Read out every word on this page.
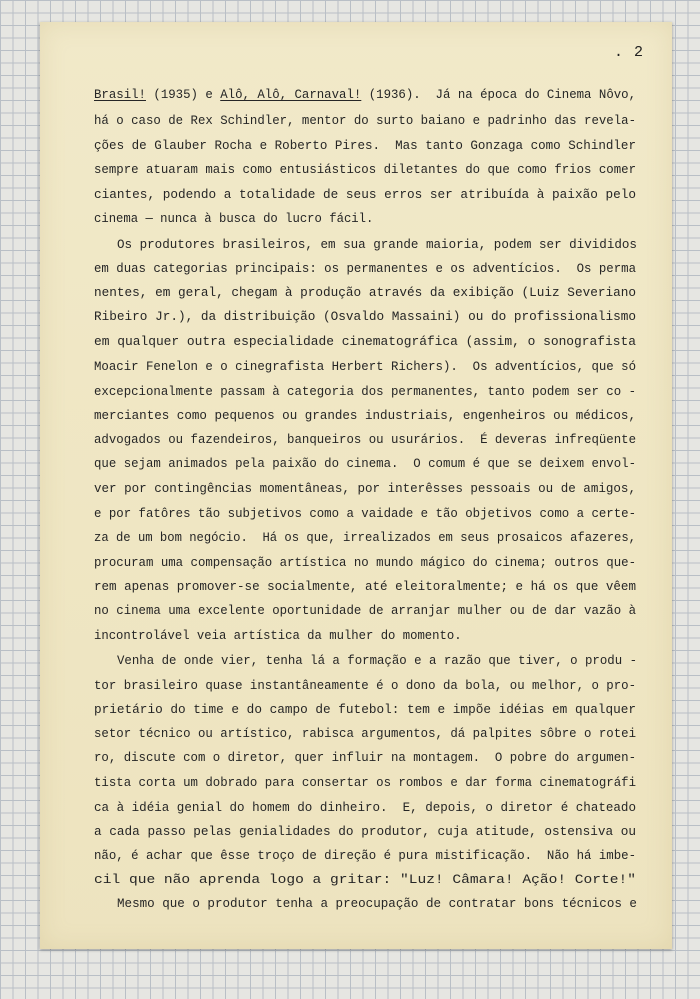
. 2
Brasil! (1935) e Alô, Alô, Carnaval! (1936).  Já na época do Cinema Nôvo,
há o caso de Rex Schindler, mentor do surto baiano e padrinho das revela-
ções de Glauber Rocha e Roberto Pires.  Mas tanto Gonzaga como Schindler
sempre atuaram mais como entusiásticos diletantes do que como frios comer
ciantes, podendo a totalidade de seus erros ser atribuída à paixão pelo
cinema — nunca à busca do lucro fácil.
Os produtores brasileiros, em sua grande maioria, podem ser divididos
em duas categorias principais: os permanentes e os adventícios.  Os perma
nentes, em geral, chegam à produção através da exibição (Luiz Severiano
Ribeiro Jr.), da distribuição (Osvaldo Massaini) ou do profissionalismo
em qualquer outra especialidade cinematográfica (assim, o sonografista
Moacir Fenelon e o cinegrafista Herbert Richers).  Os adventícios, que só
excepcionalmente passam à categoria dos permanentes, tanto podem ser co -
merciantes como pequenos ou grandes industriais, engenheiros ou médicos,
advogados ou fazendeiros, banqueiros ou usurários.  É deveras infreqüente
que sejam animados pela paixão do cinema.  O comum é que se deixem envol-
ver por contingências momentâneas, por interêsses pessoais ou de amigos,
e por fatôres tão subjetivos como a vaidade e tão objetivos como a certe-
za de um bom negócio.  Há os que, irrealizados em seus prosaicos afazeres,
procuram uma compensação artística no mundo mágico do cinema; outros que-
rem apenas promover-se socialmente, até eleitoralmente; e há os que vêem
no cinema uma excelente oportunidade de arranjar mulher ou de dar vazão à
incontrolável veia artística da mulher do momento.
Venha de onde vier, tenha lá a formação e a razão que tiver, o produ -
tor brasileiro quase instantâneamente é o dono da bola, ou melhor, o pro-
prietário do time e do campo de futebol: tem e impõe idéias em qualquer
setor técnico ou artístico, rabisca argumentos, dá palpites sôbre o rotei
ro, discute com o diretor, quer influir na montagem.  O pobre do argumen-
tista corta um dobrado para consertar os rombos e dar forma cinematográfi
ca à idéia genial do homem do dinheiro.  E, depois, o diretor é chateado
a cada passo pelas genialidades do produtor, cuja atitude, ostensiva ou
não, é achar que êsse troço de direção é pura mistificação.  Não há imbe-
cil que não aprenda logo a gritar: "Luz! Câmara! Ação! Corte!"
Mesmo que o produtor tenha a preocupação de contratar bons técnicos e
